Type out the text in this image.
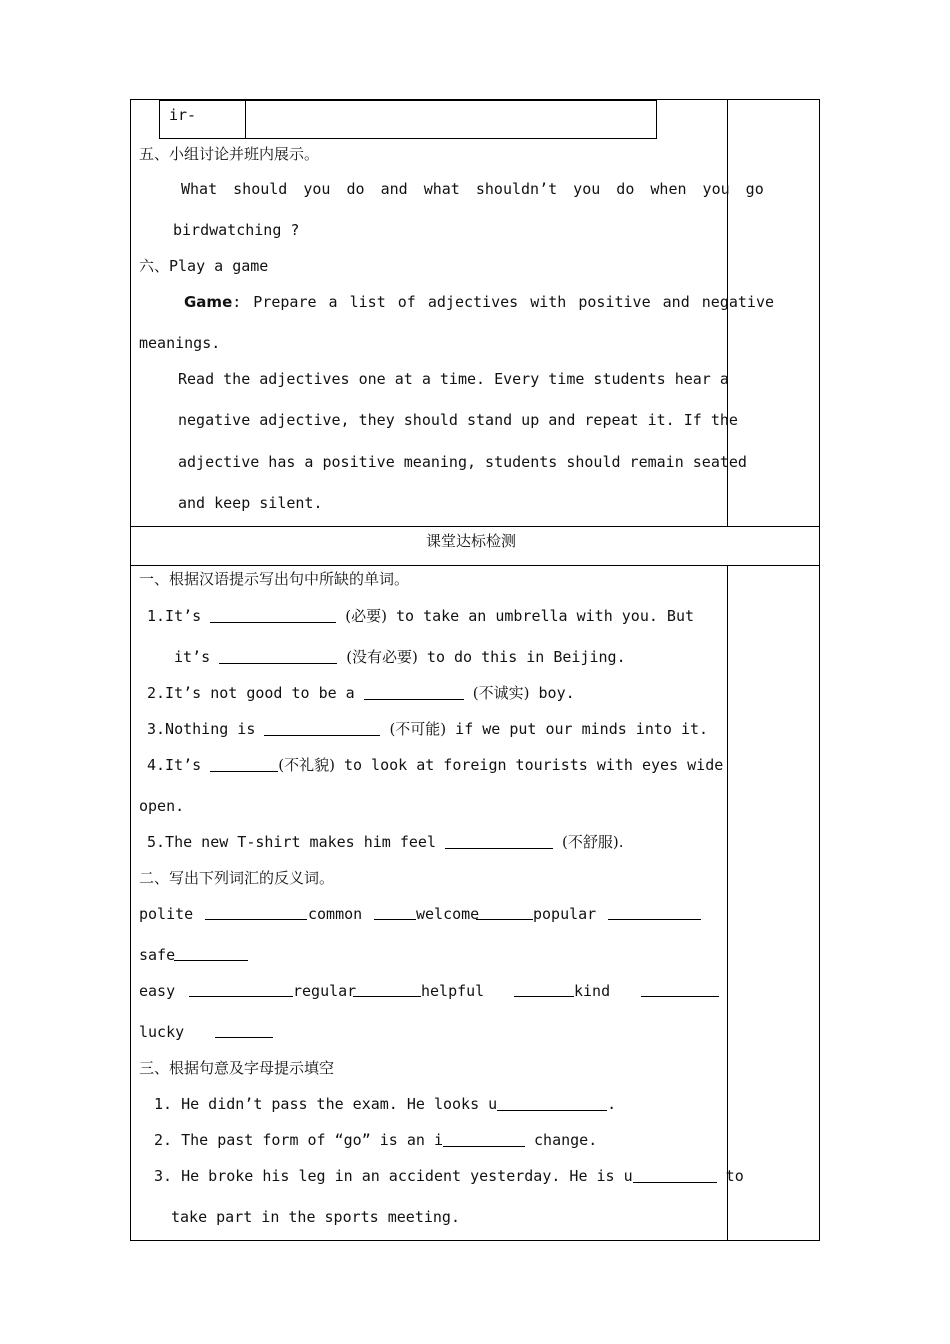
ir-
五、小组讨论并班内展示。
What should you do and what shouldn’t you do when you go
birdwatching ?
六、Play a game
Game: Prepare a list of adjectives with positive and negative
meanings.
Read the adjectives one at a time. Every time students hear a
negative adjective, they should stand up and repeat it. If the
adjective has a positive meaning, students should remain seated
and keep silent.
课堂达标检测
一、根据汉语提示写出句中所缺的单词。
1.It’s	(必要) to take an umbrella with you. But
it’s	(没有必要) to do this in Beijing.
2.It’s not good to be a	(不诚实) boy.
3.Nothing is	(不可能) if we put our minds into it.
4.It’s	(不礼貌) to look at foreign tourists with eyes wide
open.
5.The new T-shirt makes him feel	(不舒服).
二、写出下列词汇的反义词。
polite	common	welcome	popular
safe
easy	regular	helpful	kind
lucky
三、根据句意及字母提示填空
1. He didn’t pass the exam. He looks u	.
2. The past form of “go” is an i	change.
3. He broke his leg in an accident yesterday. He is u	to
take part in the sports meeting.
